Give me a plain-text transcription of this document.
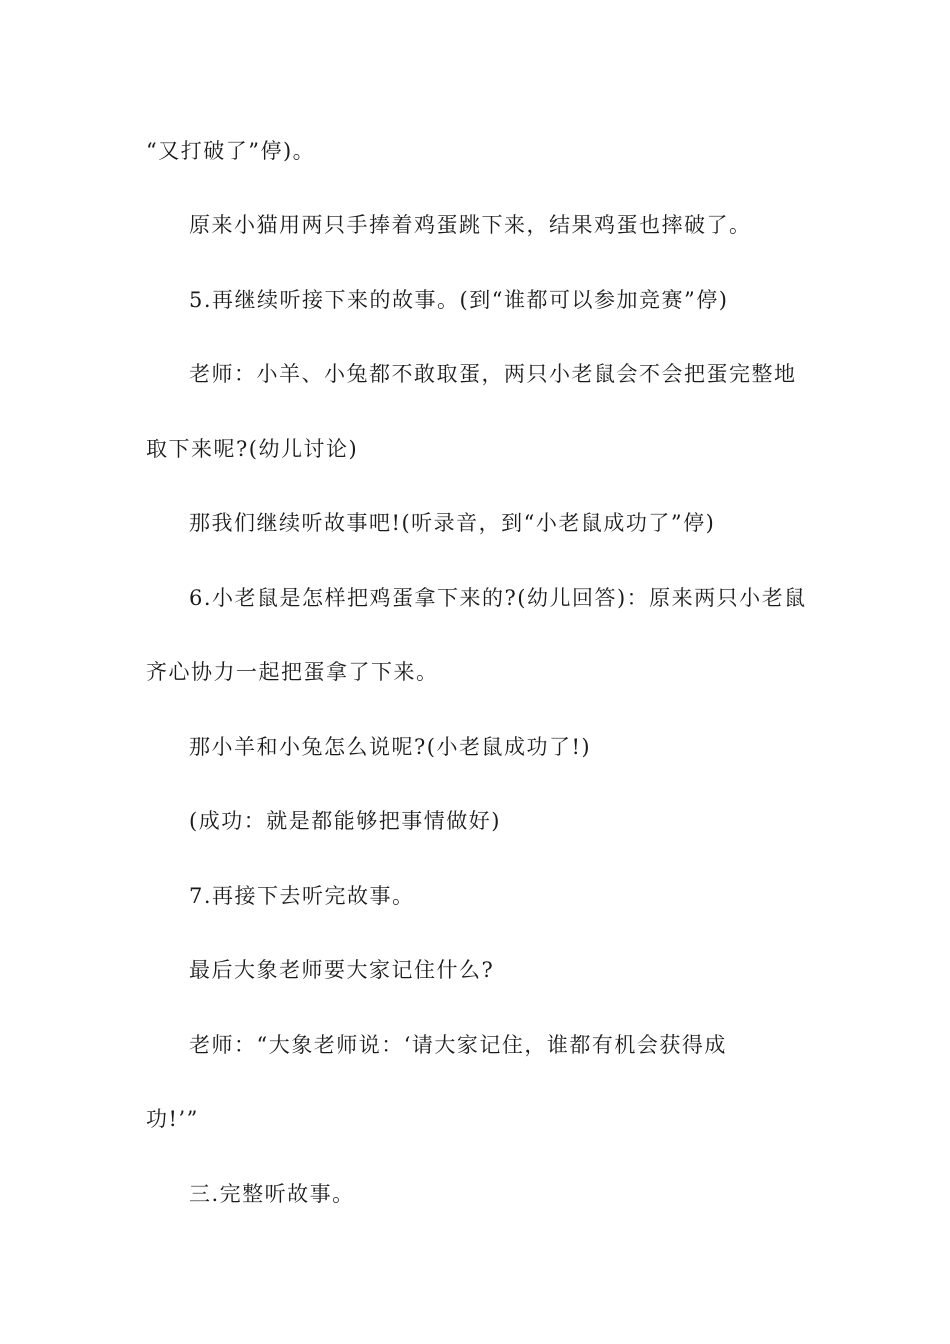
“又打破了”停)。
原来小猫用两只手捧着鸡蛋跳下来，结果鸡蛋也摔破了。
5.再继续听接下来的故事。(到“谁都可以参加竞赛”停)
老师：小羊、小兔都不敢取蛋，两只小老鼠会不会把蛋完整地
取下来呢?(幼儿讨论)
那我们继续听故事吧!(听录音，到“小老鼠成功了”停)
6.小老鼠是怎样把鸡蛋拿下来的?(幼儿回答)：原来两只小老鼠
齐心协力一起把蛋拿了下来。
那小羊和小兔怎么说呢?(小老鼠成功了!)
(成功：就是都能够把事情做好)
7.再接下去听完故事。
最后大象老师要大家记住什么?
老师：“大象老师说：‘请大家记住，谁都有机会获得成
功!’”
三.完整听故事。
